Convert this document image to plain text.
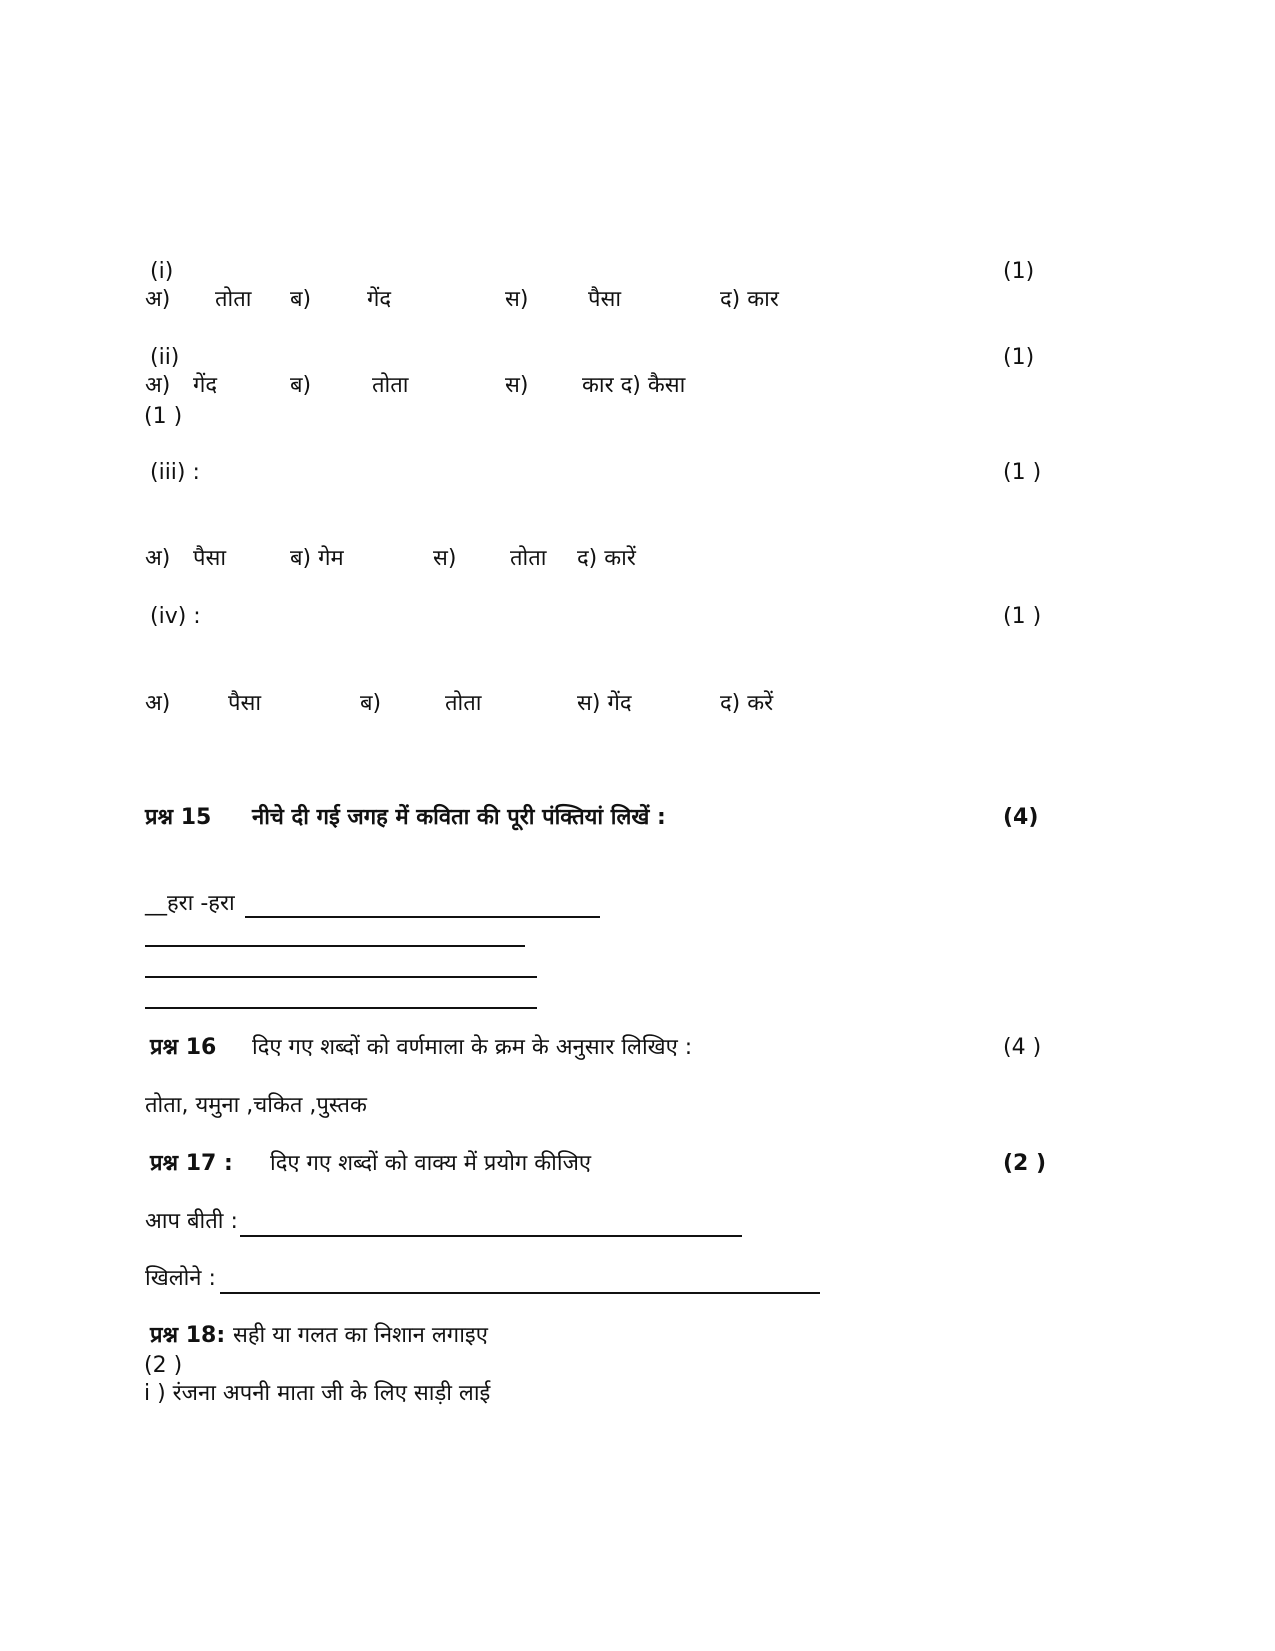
(i)	(1)
अ) तोता ब)	गेंद	स)	पैसा	द) कार
(ii)	(1)
अ) गेंद	ब)	तोता	स) कार द) कैसा
(1 )
(iii) :	(1 )
अ) पैसा	ब) गेम	स) तोता द) कारें
(iv) :	(1 )
अ)	पैसा	ब)	तोता	स) गेंद	द) करें
प्रश्न 15 नीचे दी गई जगह में कविता की पूरी पंक्तियां लिखें :	(4)
__हरा -हरा
प्रश्न 16 दिए गए शब्दों को वर्णमाला के क्रम के अनुसार लिखिए :	(4 )
तोता, यमुना ,चकित ,पुस्तक
प्रश्न 17 : दिए गए शब्दों को वाक्य में प्रयोग कीजिए	(2 )
आप बीती :
खिलोने :
प्रश्न 18: सही या गलत का निशान लगाइए
(2 )
i ) रंजना अपनी माता जी के लिए साड़ी लाई
